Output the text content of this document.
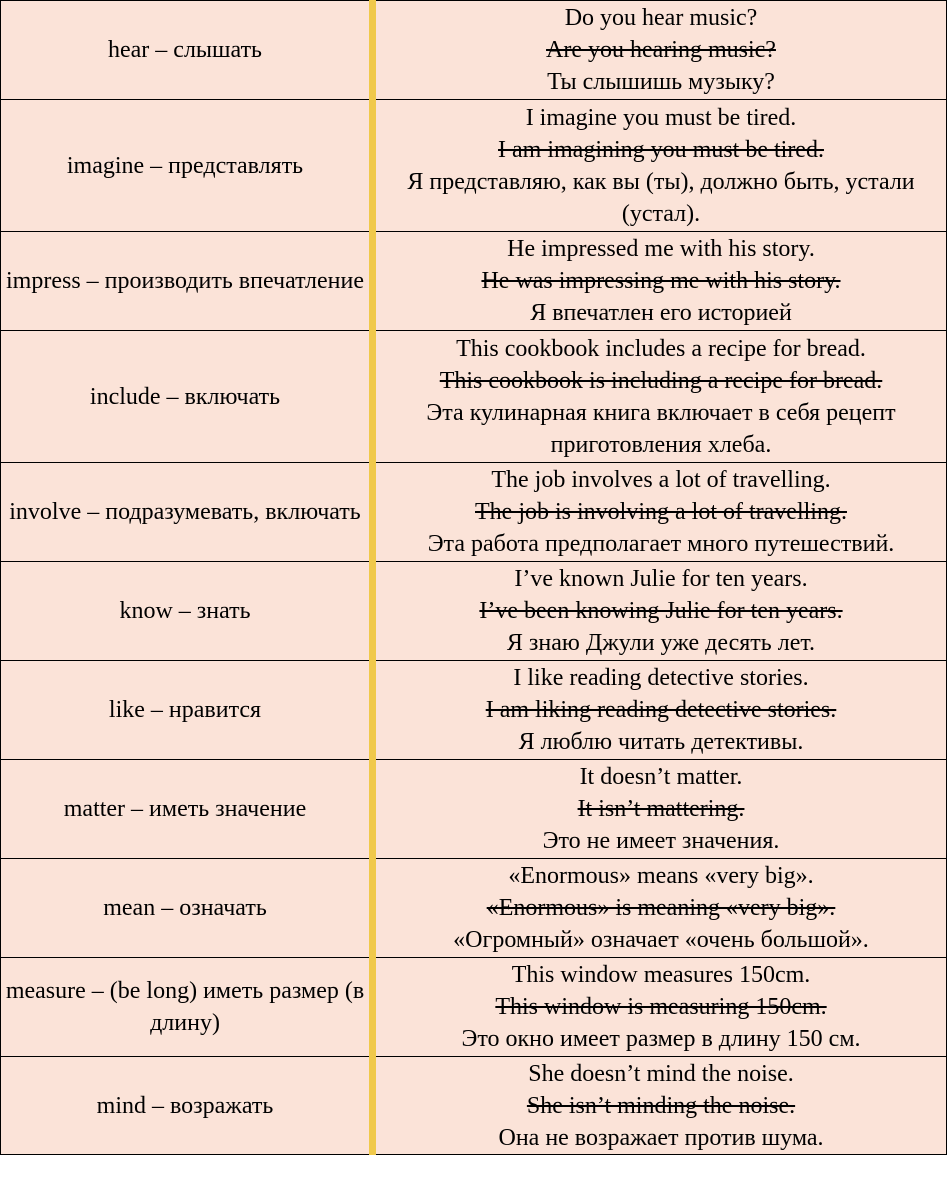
hear – слышать	Do you hear music?
Are you hearing music?
Ты слышишь музыку?

imagine – представлять	I imagine you must be tired.
I am imagining you must be tired.
Я представляю, как вы (ты), должно быть, устали (устал).

impress – производить впечатление	He impressed me with his story.
He was impressing me with his story.
Я впечатлен его историей

include – включать	This cookbook includes a recipe for bread.
This cookbook is including a recipe for bread.
Эта кулинарная книга включает в себя рецепт приготовления хлеба.

involve – подразумевать, включать	The job involves a lot of travelling.
The job is involving a lot of travelling.
Эта работа предполагает много путешествий.

know – знать	I’ve known Julie for ten years.
I’ve been knowing Julie for ten years.
Я знаю Джули уже десять лет.

like – нравится	I like reading detective stories.
I am liking reading detective stories.
Я люблю читать детективы.

matter – иметь значение	It doesn’t matter.
It isn’t mattering.
Это не имеет значения.

mean – означать	«Enormous» means «very big».
«Enormous» is meaning «very big».
«Огромный» означает «очень большой».

measure – (be long) иметь размер (в длину)	This window measures 150cm.
This window is measuring 150cm.
Это окно имеет размер в длину 150 см.

mind – возражать	She doesn’t mind the noise.
She isn’t minding the noise.
Она не возражает против шума.
